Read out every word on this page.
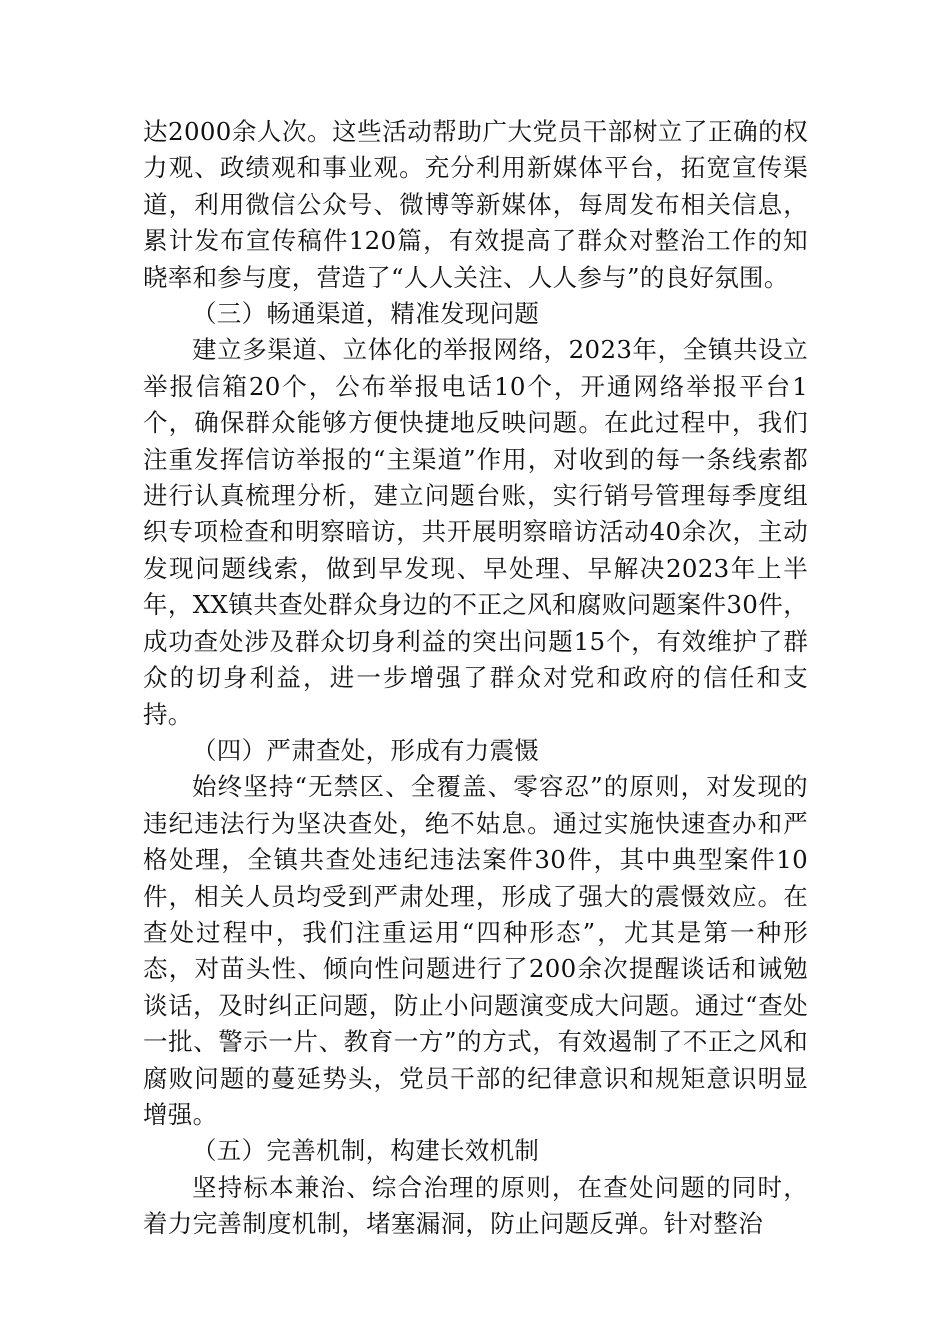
达2000余人次。这些活动帮助广大党员干部树立了正确的权力观、政绩观和事业观。充分利用新媒体平台，拓宽宣传渠道，利用微信公众号、微博等新媒体，每周发布相关信息，累计发布宣传稿件120篇，有效提高了群众对整治工作的知晓率和参与度，营造了“人人关注、人人参与”的良好氛围。

（三）畅通渠道，精准发现问题

建立多渠道、立体化的举报网络，2023年，全镇共设立举报信箱20个，公布举报电话10个，开通网络举报平台1个，确保群众能够方便快捷地反映问题。在此过程中，我们注重发挥信访举报的“主渠道”作用，对收到的每一条线索都进行认真梳理分析，建立问题台账，实行销号管理每季度组织专项检查和明察暗访，共开展明察暗访活动40余次，主动发现问题线索，做到早发现、早处理、早解决2023年上半年，XX镇共查处群众身边的不正之风和腐败问题案件30件，成功查处涉及群众切身利益的突出问题15个，有效维护了群众的切身利益，进一步增强了群众对党和政府的信任和支持。

（四）严肃查处，形成有力震慑

始终坚持“无禁区、全覆盖、零容忍”的原则，对发现的违纪违法行为坚决查处，绝不姑息。通过实施快速查办和严格处理，全镇共查处违纪违法案件30件，其中典型案件10件，相关人员均受到严肃处理，形成了强大的震慑效应。在查处过程中，我们注重运用“四种形态”，尤其是第一种形态，对苗头性、倾向性问题进行了200余次提醒谈话和诫勉谈话，及时纠正问题，防止小问题演变成大问题。通过“查处一批、警示一片、教育一方”的方式，有效遏制了不正之风和腐败问题的蔓延势头，党员干部的纪律意识和规矩意识明显增强。

（五）完善机制，构建长效机制

坚持标本兼治、综合治理的原则，在查处问题的同时，着力完善制度机制，堵塞漏洞，防止问题反弹。针对整治
